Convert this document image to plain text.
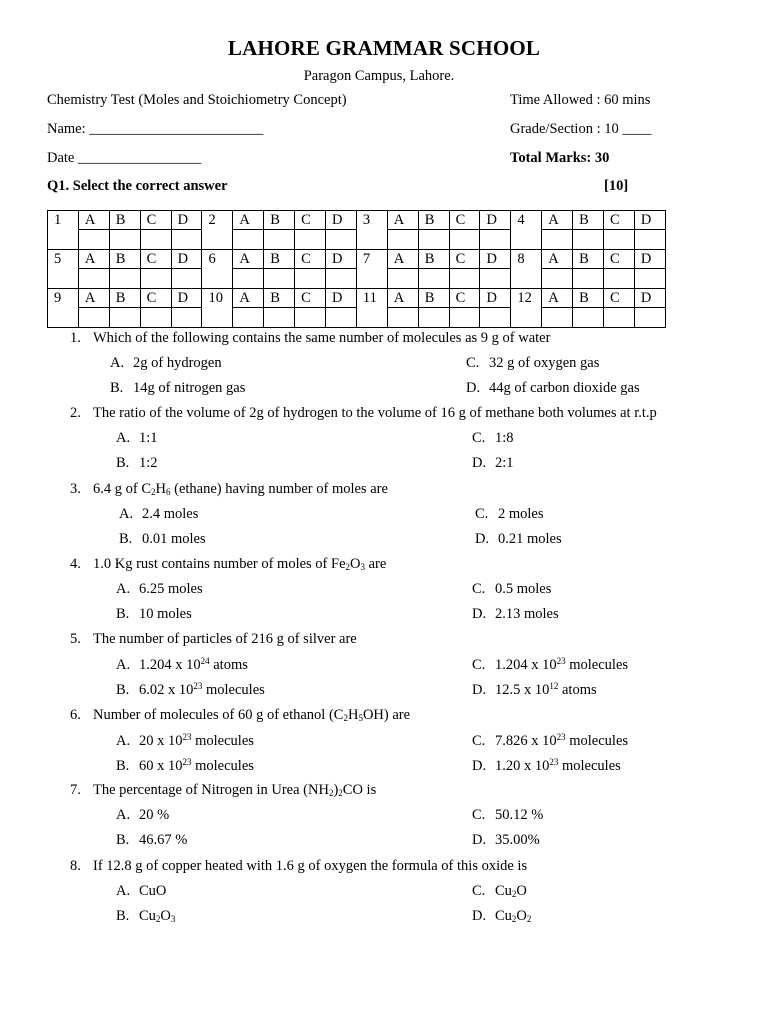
LAHORE GRAMMAR SCHOOL
Paragon Campus, Lahore.
Chemistry Test (Moles and Stoichiometry Concept)	Time Allowed : 60 mins
Name: ________________________	Grade/Section : 10 ____
Date _________________	Total Marks: 30
Q1. Select the correct answer	[10]
1	A	B	C	D	2	A	B	C	D	3	A	B	C	D	4	A	B	C	D

5	A	B	C	D	6	A	B	C	D	7	A	B	C	D	8	A	B	C	D

9	A	B	C	D	10	A	B	C	D	11	A	B	C	D	12	A	B	C	D

1. Which of the following contains the same number of molecules as 9 g of water
A. 2g of hydrogen	C. 32 g of oxygen gas
B. 14g of nitrogen gas	D. 44g of carbon dioxide gas
2. The ratio of the volume of 2g of hydrogen to the volume of 16 g of methane both volumes at r.t.p
A. 1:1	C. 1:8
B. 1:2	D. 2:1
3. 6.4 g of $C_2H_6$ (ethane) having number of moles are
A. 2.4 moles	C. 2 moles
B. 0.01 moles	D. 0.21 moles
4. 1.0 Kg rust contains number of moles of $Fe_2O_3$ are
A. 6.25 moles	C. 0.5 moles
B. 10 moles	D. 2.13 moles
5. The number of particles of 216 g of silver are
A. 1.204 x $10^{24}$ atoms	C. 1.204 x $10^{23}$ molecules
B. 6.02 x $10^{23}$ molecules	D. 12.5 x $10^{12}$ atoms
6. Number of molecules of 60 g of ethanol $(C_2H_5OH)$ are
A. 20 x $10^{23}$ molecules	C. 7.826 x $10^{23}$ molecules
B. 60 x $10^{23}$ molecules	D. 1.20 x $10^{23}$ molecules
7. The percentage of Nitrogen in Urea $(NH_2)_2CO$ is
A. 20 %	C. 50.12 %
B. 46.67 %	D. 35.00%
8. If 12.8 g of copper heated with 1.6 g of oxygen the formula of this oxide is
A. CuO	C. $Cu_2O$
B. $Cu_2O_3$	D. $Cu_2O_2$
